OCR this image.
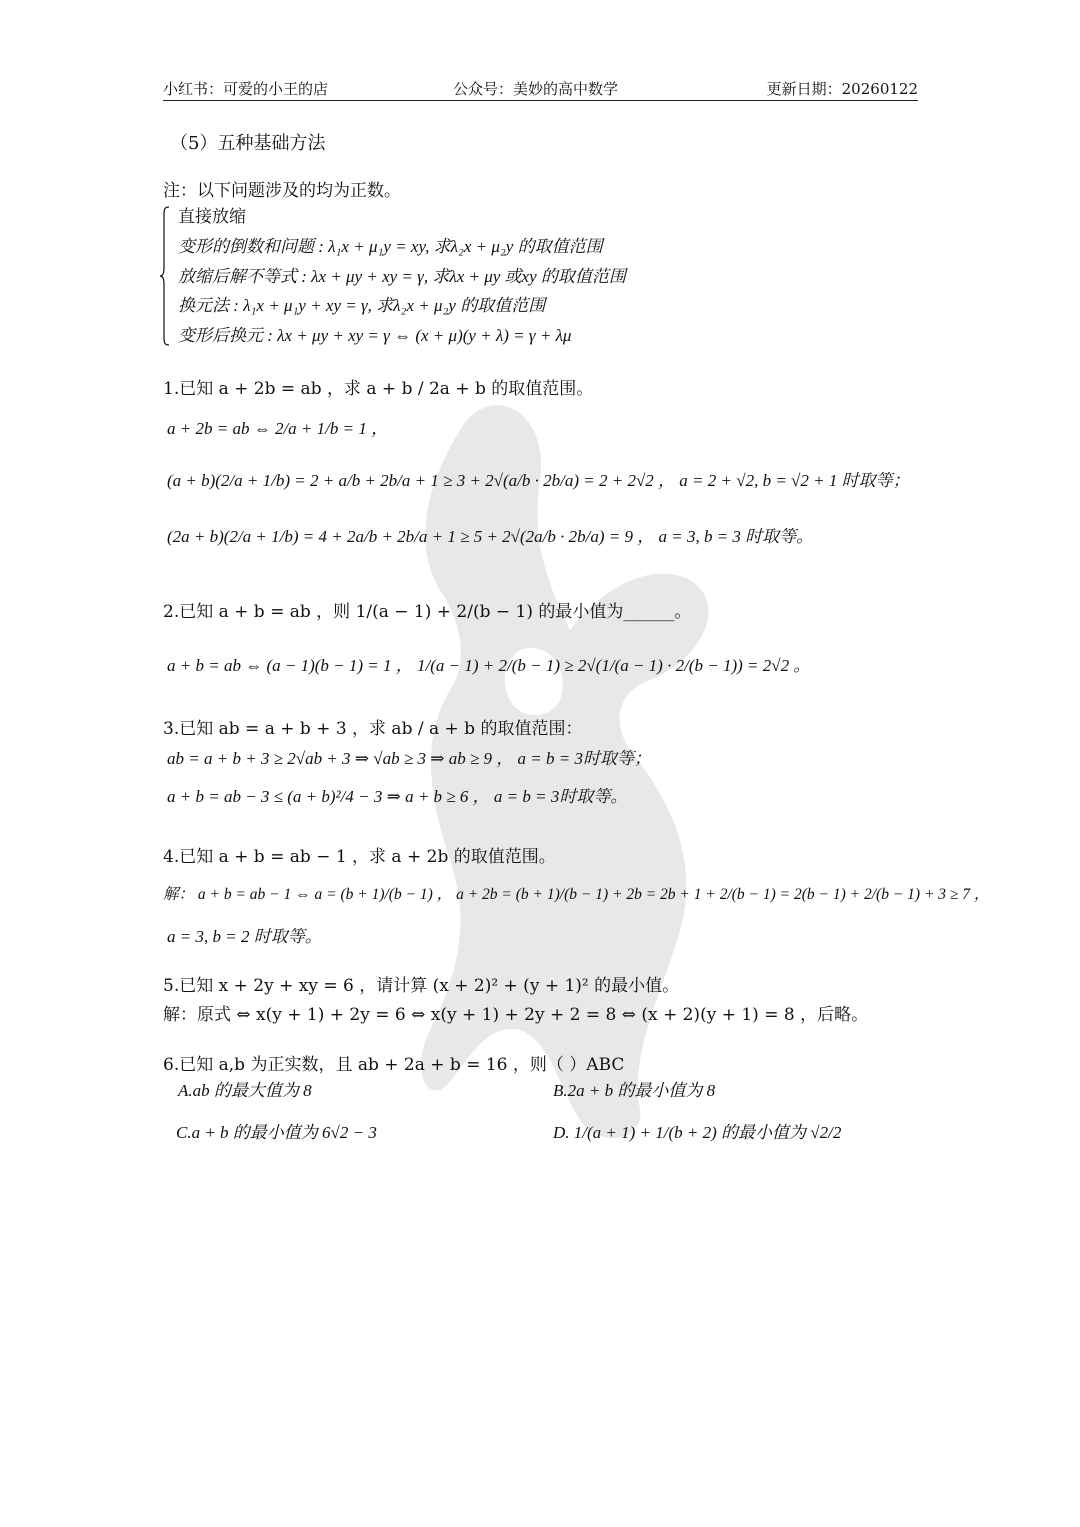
小红书：可爱的小王的店	公众号：美妙的高中数学	更新日期：20260122
（5）五种基础方法
注：以下问题涉及的均为正数。
直接放缩
变形的倒数和问题 : λ₁x + μ₁y = xy, 求λ₂x + μ₂y 的取值范围
放缩后解不等式 : λx + μy + xy = γ, 求λx + μy 或xy 的取值范围
换元法 : λ₁x + μ₁y + xy = γ, 求λ₂x + μ₂y 的取值范围
变形后换元 : λx + μy + xy = γ ⇔ (x + μ)(y + λ) = γ + λμ
1.已知 a + 2b = ab ，求 a + b / 2a + b 的取值范围。
a + 2b = ab ⇔ 2/a + 1/b = 1 ，
(a + b)(2/a + 1/b) = 2 + a/b + 2b/a + 1 ≥ 3 + 2√(a/b · 2b/a) = 2 + 2√2 ， a = 2 + √2, b = √2 + 1 时取等；
(2a + b)(2/a + 1/b) = 4 + 2a/b + 2b/a + 1 ≥ 5 + 2√(2a/b · 2b/a) = 9 ， a = 3, b = 3 时取等。
2.已知 a + b = ab ，则 1/(a − 1) + 2/(b − 1) 的最小值为______。
a + b = ab ⇔ (a − 1)(b − 1) = 1 ， 1/(a − 1) + 2/(b − 1) ≥ 2√(1/(a − 1) · 2/(b − 1)) = 2√2 。
3.已知 ab = a + b + 3 ，求 ab / a + b 的取值范围：
ab = a + b + 3 ≥ 2√ab + 3 ⇒ √ab ≥ 3 ⇒ ab ≥ 9 ， a = b = 3时取等；
a + b = ab − 3 ≤ (a + b)²/4 − 3 ⇒ a + b ≥ 6 ， a = b = 3时取等。
4.已知 a + b = ab − 1 ，求 a + 2b 的取值范围。
解： a + b = ab − 1 ⇔ a = (b + 1)/(b − 1) ， a + 2b = (b + 1)/(b − 1) + 2b = 2b + 1 + 2/(b − 1) = 2(b − 1) + 2/(b − 1) + 3 ≥ 7 ，
a = 3, b = 2 时取等。
5.已知 x + 2y + xy = 6 ，请计算 (x + 2)² + (y + 1)² 的最小值。
解：原式 ⇔ x(y + 1) + 2y = 6 ⇔ x(y + 1) + 2y + 2 = 8 ⇔ (x + 2)(y + 1) = 8 ，后略。
6.已知 a,b 为正实数，且 ab + 2a + b = 16 ，则（ ）ABC
A.ab 的最大值为 8	B.2a + b 的最小值为 8
C.a + b 的最小值为 6√2 − 3	D. 1/(a + 1) + 1/(b + 2) 的最小值为 √2/2
